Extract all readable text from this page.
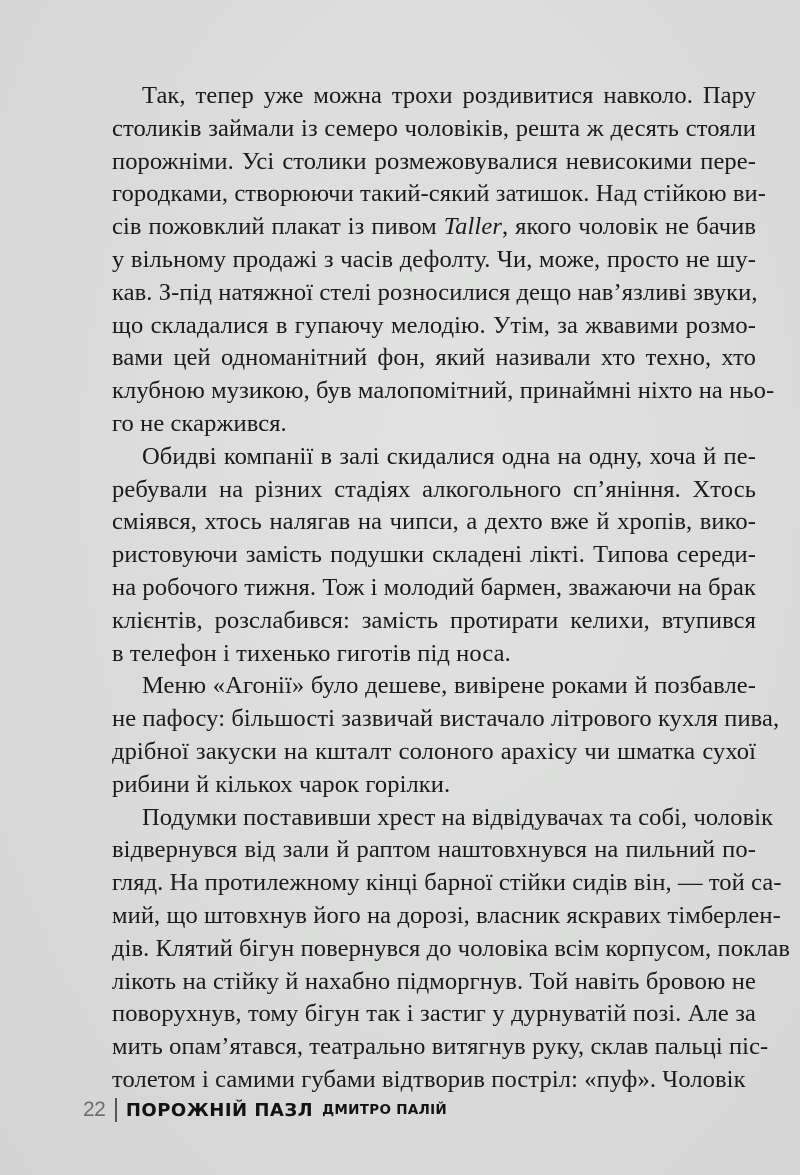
Так, тепер уже можна трохи роздивитися навколо. Пару
столиків займали із семеро чоловіків, решта ж десять стояли
порожніми. Усі столики розмежовувалися невисокими пере-
городками, створюючи такий-сякий затишок. Над стійкою ви-
сів пожовклий плакат із пивом Taller, якого чоловік не бачив
у вільному продажі з часів дефолту. Чи, може, просто не шу-
кав. З-під натяжної стелі розносилися дещо нав’язливі звуки,
що складалися в гупаючу мелодію. Утім, за жвавими розмо-
вами цей одноманітний фон, який називали хто техно, хто
клубною музикою, був малопомітний, принаймні ніхто на ньо-
го не скаржився.
Обидві компанії в залі скидалися одна на одну, хоча й пе-
ребували на різних стадіях алкогольного сп’яніння. Хтось
сміявся, хтось налягав на чипси, а дехто вже й хропів, вико-
ристовуючи замість подушки складені лікті. Типова середи-
на робочого тижня. Тож і молодий бармен, зважаючи на брак
клієнтів, розслабився: замість протирати келихи, втупився
в телефон і тихенько гиготів під носа.
Меню «Агонії» було дешеве, вивірене роками й позбавле-
не пафосу: більшості зазвичай вистачало літрового кухля пива,
дрібної закуски на кшталт солоного арахісу чи шматка сухої
рибини й кількох чарок горілки.
Подумки поставивши хрест на відвідувачах та собі, чоловік
відвернувся від зали й раптом наштовхнувся на пильний по-
гляд. На протилежному кінці барної стійки сидів він, — той са-
мий, що штовхнув його на дорозі, власник яскравих тімберлен-
дів. Клятий бігун повернувся до чоловіка всім корпусом, поклав
лікоть на стійку й нахабно підморгнув. Той навіть бровою не
поворухнув, тому бігун так і застиг у дурнуватій позі. Але за
мить опам’ятався, театрально витягнув руку, склав пальці піс-
толетом і самими губами відтворив постріл: «пуф». Чоловік
22 ПОРОЖНІЙ ПАЗЛ ДМИТРО ПАЛІЙ
